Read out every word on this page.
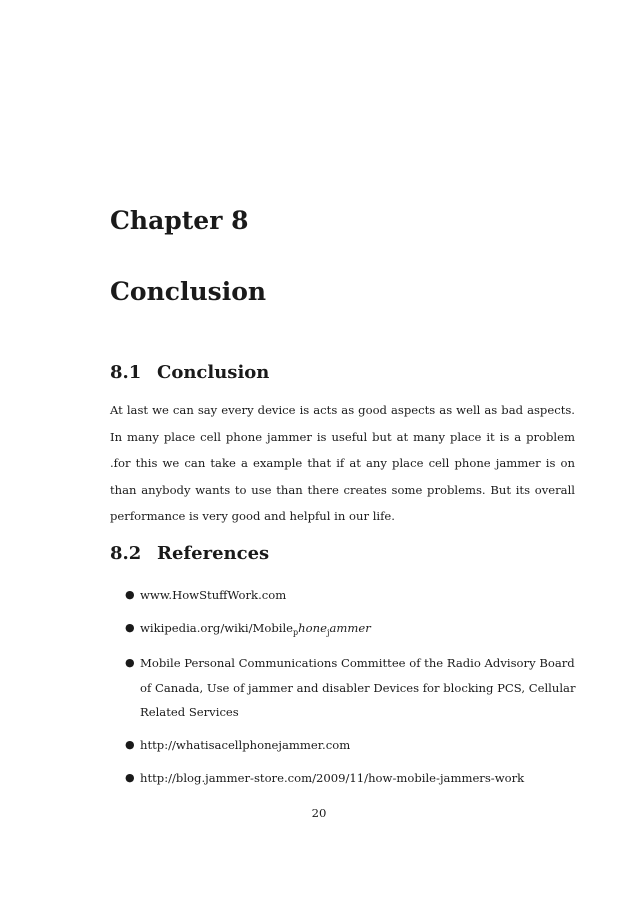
Chapter 8
Conclusion
8.1 Conclusion

At last we can say every device is acts as good aspects as well as bad aspects. In many place cell phone jammer is useful but at many place it is a problem .for this we can take a example that if at any place cell phone jammer is on than anybody wants to use than there creates some problems. But its overall performance is very good and helpful in our life.

8.2 References
● www.HowStuffWork.com
● wikipedia.org/wiki/Mobile$_p$hone$_j$ammer
● Mobile Personal Communications Committee of the Radio Advisory Board of Canada, Use of jammer and disabler Devices for blocking PCS, Cellular Related Services
● http://whatisacellphonejammer.com
● http://blog.jammer-store.com/2009/11/how-mobile-jammers-work

20
